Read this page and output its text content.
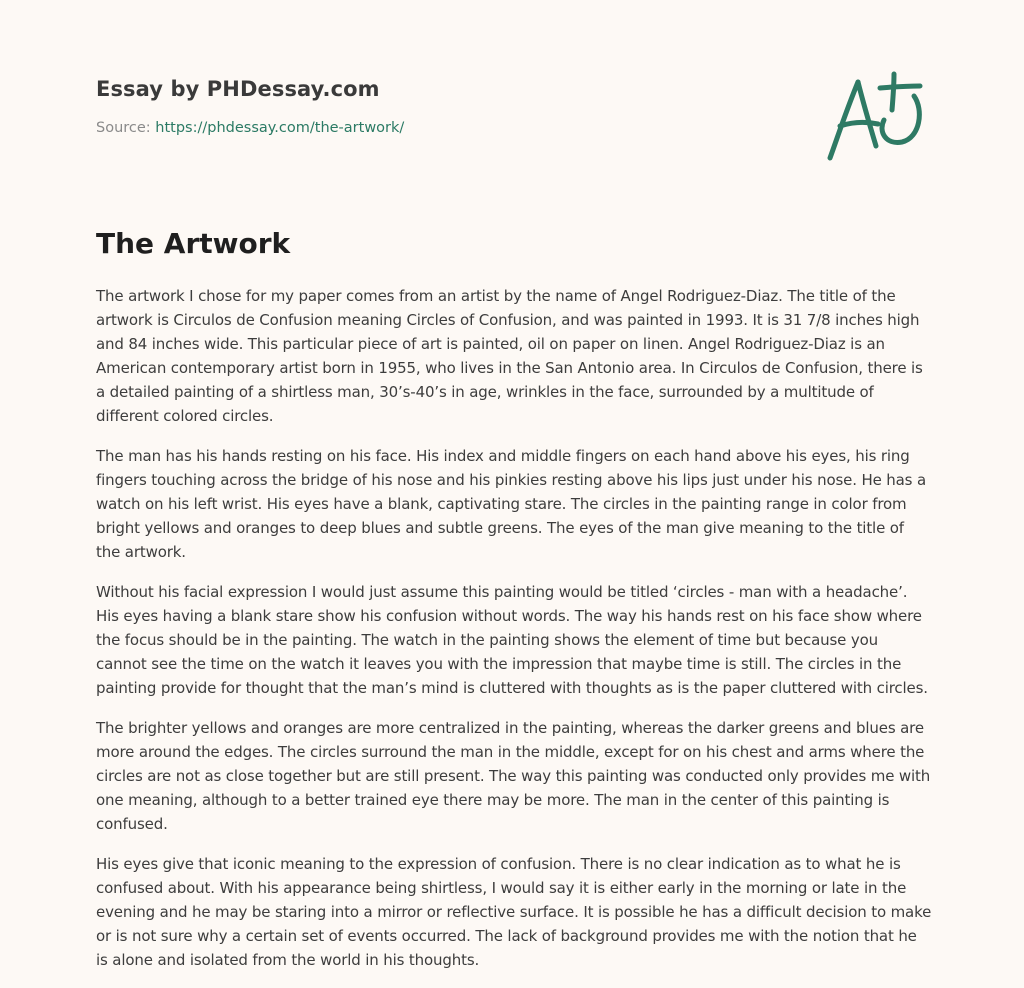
Essay by PHDessay.com
Source: https://phdessay.com/the-artwork/
The Artwork

The artwork I chose for my paper comes from an artist by the name of Angel Rodriguez-Diaz. The title of the artwork is Circulos de Confusion meaning Circles of Confusion, and was painted in 1993. It is 31 7/8 inches high and 84 inches wide. This particular piece of art is painted, oil on paper on linen. Angel Rodriguez-Diaz is an American contemporary artist born in 1955, who lives in the San Antonio area. In Circulos de Confusion, there is a detailed painting of a shirtless man, 30’s-40’s in age, wrinkles in the face, surrounded by a multitude of different colored circles.

The man has his hands resting on his face. His index and middle fingers on each hand above his eyes, his ring fingers touching across the bridge of his nose and his pinkies resting above his lips just under his nose. He has a watch on his left wrist. His eyes have a blank, captivating stare. The circles in the painting range in color from bright yellows and oranges to deep blues and subtle greens. The eyes of the man give meaning to the title of the artwork.

Without his facial expression I would just assume this painting would be titled ‘circles - man with a headache’. His eyes having a blank stare show his confusion without words. The way his hands rest on his face show where the focus should be in the painting. The watch in the painting shows the element of time but because you cannot see the time on the watch it leaves you with the impression that maybe time is still. The circles in the painting provide for thought that the man’s mind is cluttered with thoughts as is the paper cluttered with circles.

The brighter yellows and oranges are more centralized in the painting, whereas the darker greens and blues are more around the edges. The circles surround the man in the middle, except for on his chest and arms where the circles are not as close together but are still present. The way this painting was conducted only provides me with one meaning, although to a better trained eye there may be more. The man in the center of this painting is confused.

His eyes give that iconic meaning to the expression of confusion. There is no clear indication as to what he is confused about. With his appearance being shirtless, I would say it is either early in the morning or late in the evening and he may be staring into a mirror or reflective surface. It is possible he has a difficult decision to make or is not sure why a certain set of events occurred. The lack of background provides me with the notion that he is alone and isolated from the world in his thoughts.
